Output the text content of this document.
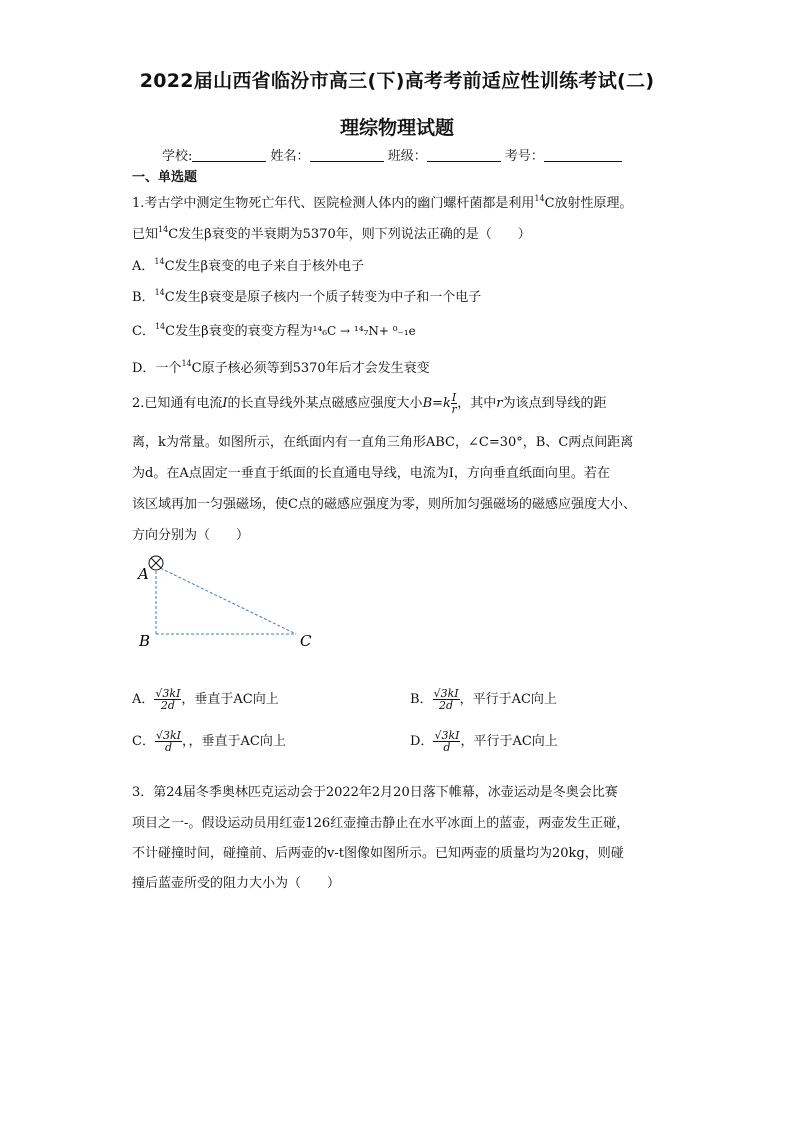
2022届山西省临汾市高三(下)高考考前适应性训练考试(二)
理综物理试题
学校:	姓名：	班级：	考号：
一、单选题
1.考古学中测定生物死亡年代、医院检测人体内的幽门螺杆菌都是利用$^{14}$C放射性原理。
已知$^{14}$C发生β衰变的半衰期为5370年，则下列说法正确的是（　　）
A．$^{14}$C发生β衰变的电子来自于核外电子
B．$^{14}$C发生β衰变是原子核内一个质子转变为中子和一个电子
C．$^{14}$C发生β衰变的衰变方程为¹⁴₆C → ¹⁴₇N+ ⁰₋₁e
D．一个$^{14}$C原子核必须等到5370年后才会发生衰变
2.已知通有电流I的长直导线外某点磁感应强度大小$B=k \frac{I}{r}$ ，其中r为该点到导线的距
离，k为常量。如图所示，在纸面内有一直角三角形ABC，∠C=30°，B、C两点间距离
为d。在A点固定一垂直于纸面的长直通电导线，电流为I，方向垂直纸面向里。若在
该区域再加一匀强磁场，使C点的磁感应强度为零，则所加匀强磁场的磁感应强度大小、
方向分别为（　　）
A
B	C
A． $\frac{√3kI}{2d}$ ，垂直于AC向上	B． $\frac{√3kI}{2d}$ ，平行于AC向上
C． $\frac{√3kI}{d}$ ，，垂直于AC向上	D． $\frac{√3kI}{d}$ ，平行于AC向上
3．第24届冬季奥林匹克运动会于2022年2月20日落下帷幕，冰壶运动是冬奥会比赛
项目之一-。假设运动员用红壶126红壶撞击静止在水平冰面上的蓝壶，两壶发生正碰，
不计碰撞时间，碰撞前、后两壶的v-t图像如图所示。已知两壶的质量均为20kg，则碰
撞后蓝壶所受的阻力大小为（　　）
